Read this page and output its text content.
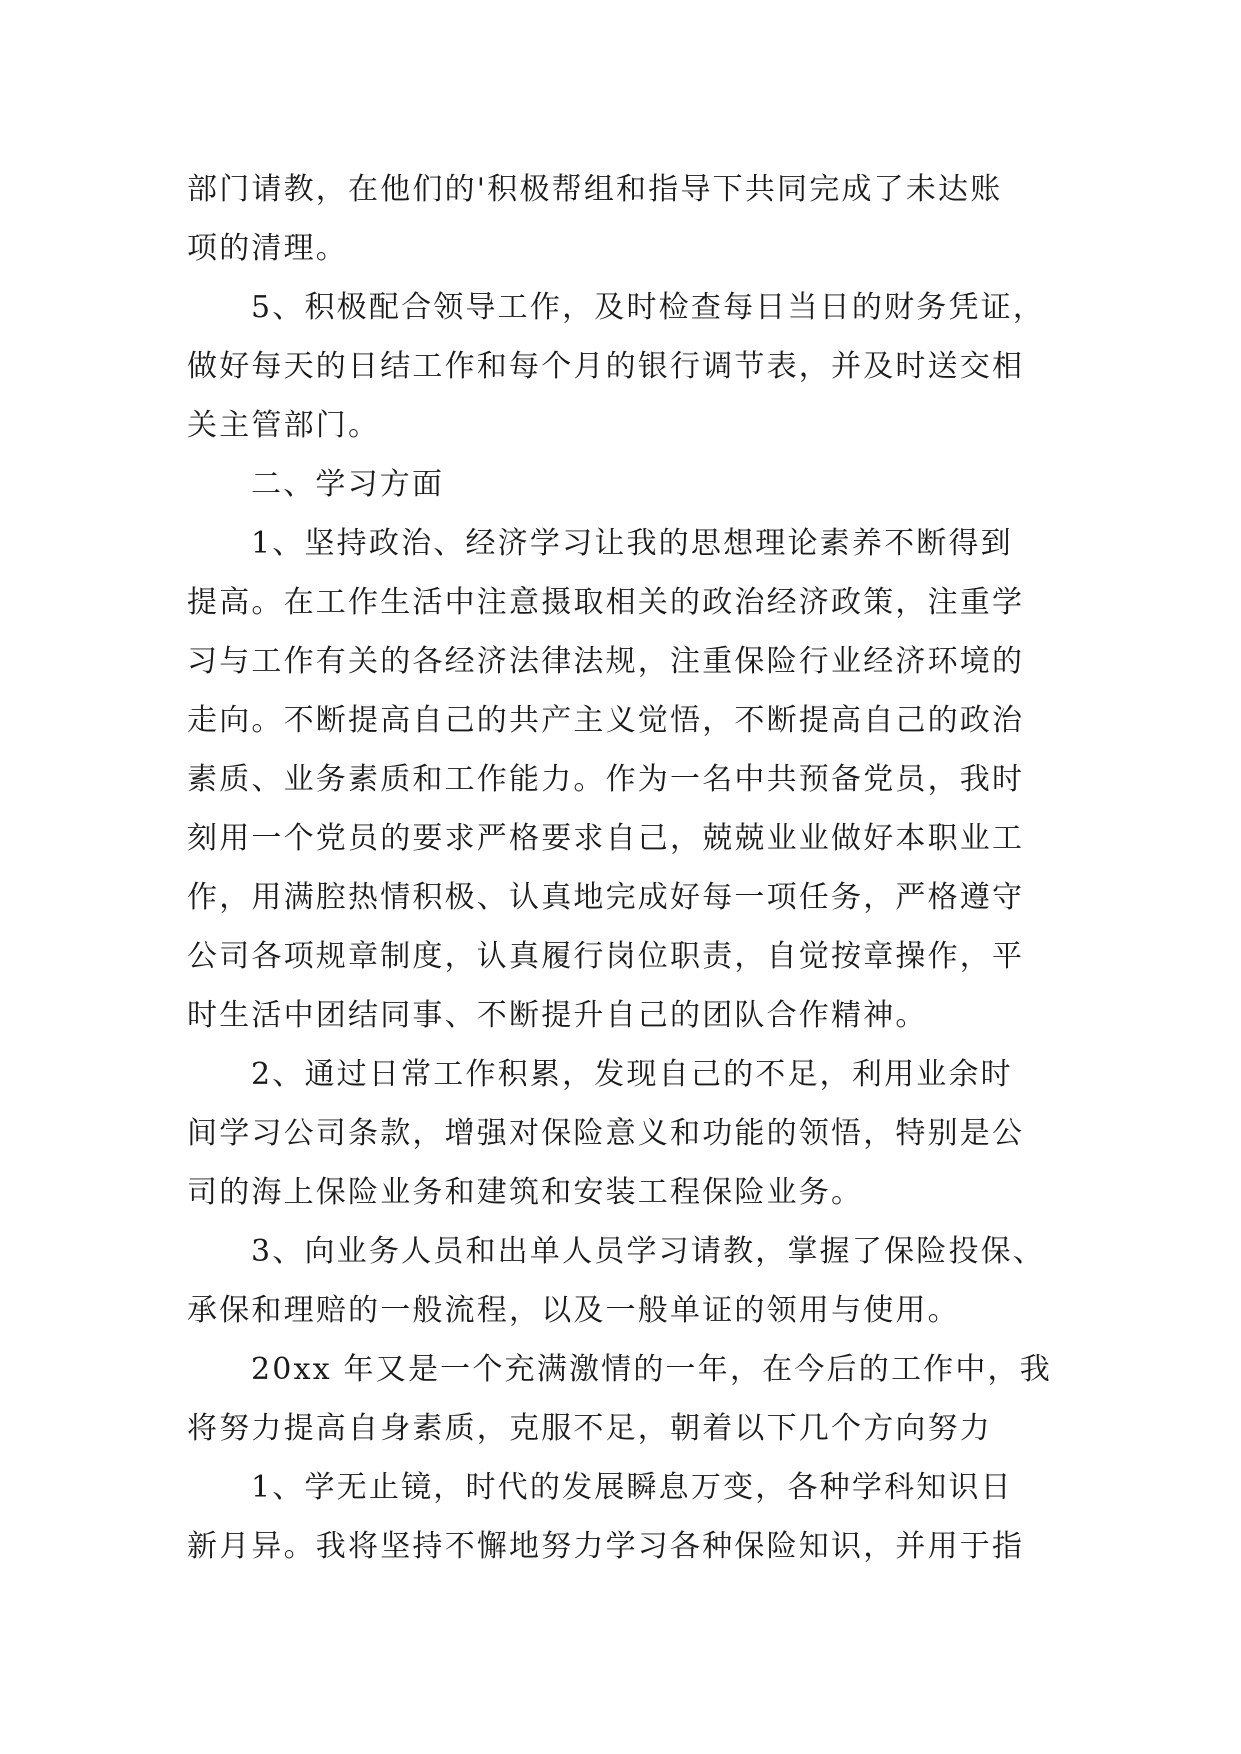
部门请教，在他们的'积极帮组和指导下共同完成了未达账
项的清理。
5、积极配合领导工作，及时检查每日当日的财务凭证，
做好每天的日结工作和每个月的银行调节表，并及时送交相
关主管部门。
二、学习方面
1、坚持政治、经济学习让我的思想理论素养不断得到
提高。在工作生活中注意摄取相关的政治经济政策，注重学
习与工作有关的各经济法律法规，注重保险行业经济环境的
走向。不断提高自己的共产主义觉悟，不断提高自己的政治
素质、业务素质和工作能力。作为一名中共预备党员，我时
刻用一个党员的要求严格要求自己，兢兢业业做好本职业工
作，用满腔热情积极、认真地完成好每一项任务，严格遵守
公司各项规章制度，认真履行岗位职责，自觉按章操作，平
时生活中团结同事、不断提升自己的团队合作精神。
2、通过日常工作积累，发现自己的不足，利用业余时
间学习公司条款，增强对保险意义和功能的领悟，特别是公
司的海上保险业务和建筑和安装工程保险业务。
3、向业务人员和出单人员学习请教，掌握了保险投保、
承保和理赔的一般流程，以及一般单证的领用与使用。
20xx 年又是一个充满激情的一年，在今后的工作中，我
将努力提高自身素质，克服不足，朝着以下几个方向努力
1、学无止镜，时代的发展瞬息万变，各种学科知识日
新月异。我将坚持不懈地努力学习各种保险知识，并用于指
